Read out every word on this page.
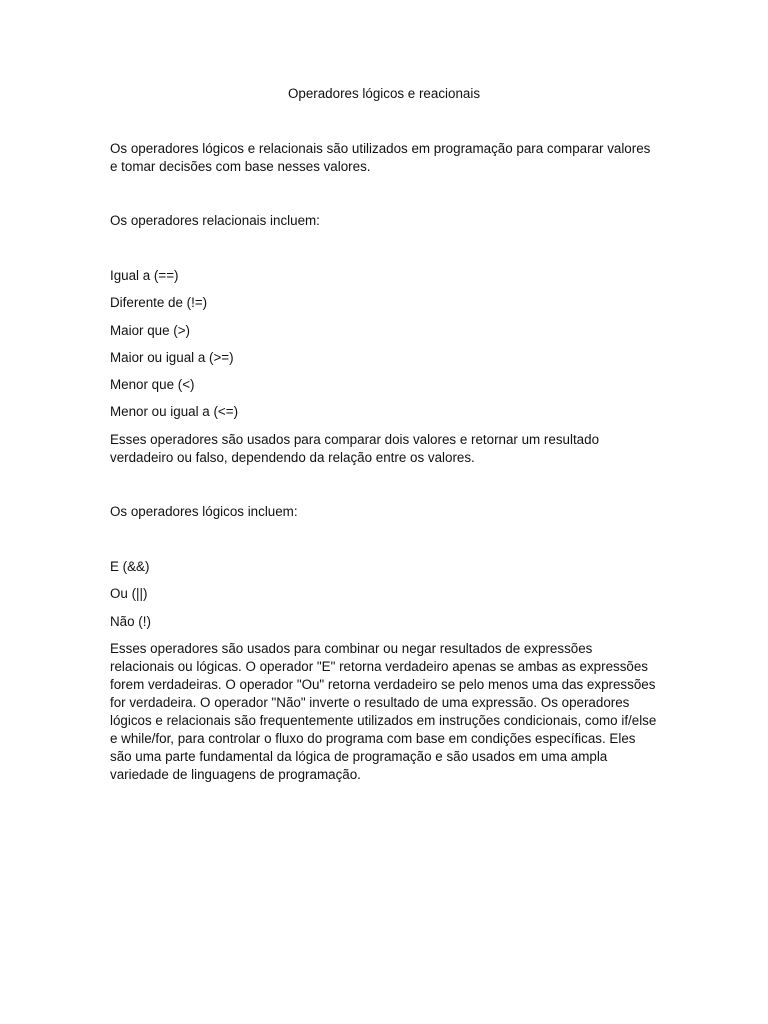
Operadores lógicos e reacionais

Os operadores lógicos e relacionais são utilizados em programação para comparar valores e tomar decisões com base nesses valores.

Os operadores relacionais incluem:

Igual a (==)
Diferente de (!=)
Maior que (>)
Maior ou igual a (>=)
Menor que (<)
Menor ou igual a (<=)

Esses operadores são usados para comparar dois valores e retornar um resultado verdadeiro ou falso, dependendo da relação entre os valores.

Os operadores lógicos incluem:

E (&&)
Ou (||)
Não (!)

Esses operadores são usados para combinar ou negar resultados de expressões relacionais ou lógicas. O operador "E" retorna verdadeiro apenas se ambas as expressões forem verdadeiras. O operador "Ou" retorna verdadeiro se pelo menos uma das expressões for verdadeira. O operador "Não" inverte o resultado de uma expressão. Os operadores lógicos e relacionais são frequentemente utilizados em instruções condicionais, como if/else e while/for, para controlar o fluxo do programa com base em condições específicas. Eles são uma parte fundamental da lógica de programação e são usados em uma ampla variedade de linguagens de programação.
